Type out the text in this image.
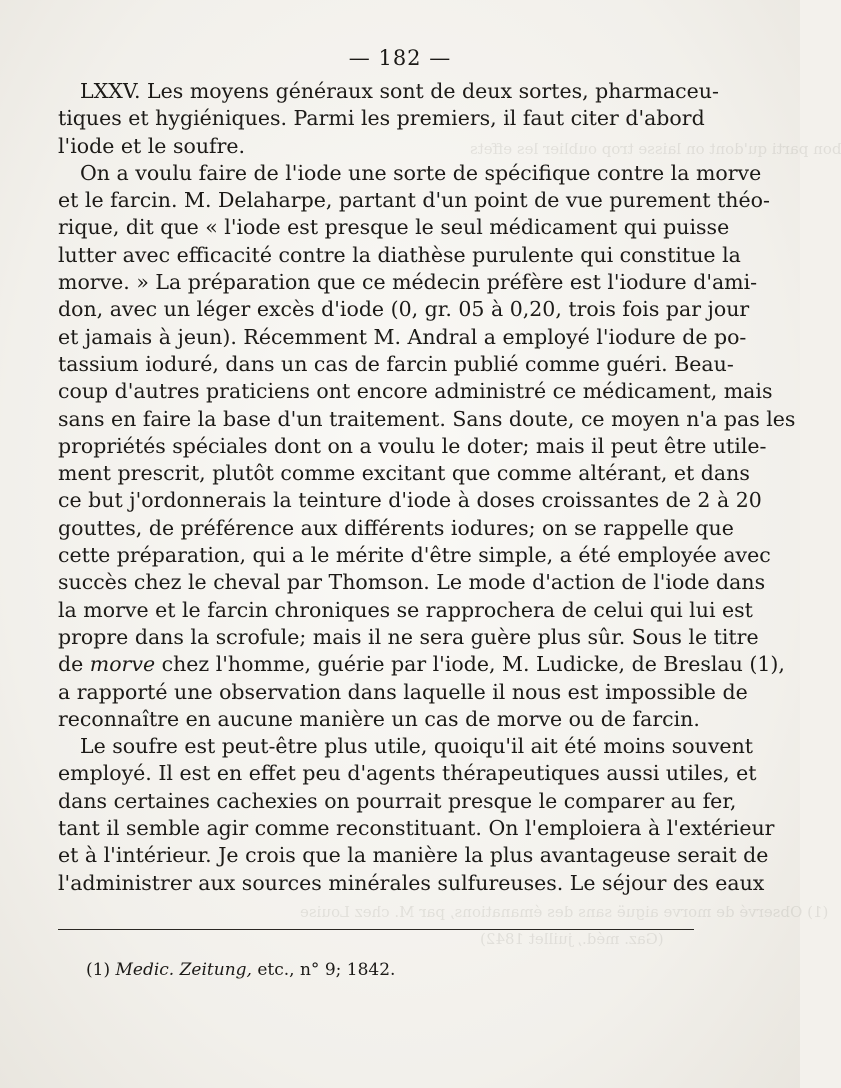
bon parti qu'dont on laisse trop oublier les effets
(1) Observé de morve aiguë sans des émanations, par M. chez Louise
(Gaz. méd., juillet 1842)
— 182 —
LXXV. Les moyens généraux sont de deux sortes, pharmaceu-
tiques et hygiéniques. Parmi les premiers, il faut citer d'abord
l'iode et le soufre.
On a voulu faire de l'iode une sorte de spécifique contre la morve
et le farcin. M. Delaharpe, partant d'un point de vue purement théo-
rique, dit que « l'iode est presque le seul médicament qui puisse
lutter avec efficacité contre la diathèse purulente qui constitue la
morve. » La préparation que ce médecin préfère est l'iodure d'ami-
don, avec un léger excès d'iode (0, gr. 05 à 0,20, trois fois par jour
et jamais à jeun). Récemment M. Andral a employé l'iodure de po-
tassium ioduré, dans un cas de farcin publié comme guéri. Beau-
coup d'autres praticiens ont encore administré ce médicament, mais
sans en faire la base d'un traitement. Sans doute, ce moyen n'a pas les
propriétés spéciales dont on a voulu le doter; mais il peut être utile-
ment prescrit, plutôt comme excitant que comme altérant, et dans
ce but j'ordonnerais la teinture d'iode à doses croissantes de 2 à 20
gouttes, de préférence aux différents iodures; on se rappelle que
cette préparation, qui a le mérite d'être simple, a été employée avec
succès chez le cheval par Thomson. Le mode d'action de l'iode dans
la morve et le farcin chroniques se rapprochera de celui qui lui est
propre dans la scrofule; mais il ne sera guère plus sûr. Sous le titre
de morve chez l'homme, guérie par l'iode, M. Ludicke, de Breslau (1),
a rapporté une observation dans laquelle il nous est impossible de
reconnaître en aucune manière un cas de morve ou de farcin.
Le soufre est peut-être plus utile, quoiqu'il ait été moins souvent
employé. Il est en effet peu d'agents thérapeutiques aussi utiles, et
dans certaines cachexies on pourrait presque le comparer au fer,
tant il semble agir comme reconstituant. On l'emploiera à l'extérieur
et à l'intérieur. Je crois que la manière la plus avantageuse serait de
l'administrer aux sources minérales sulfureuses. Le séjour des eaux
(1) Medic. Zeitung, etc., n° 9; 1842.
